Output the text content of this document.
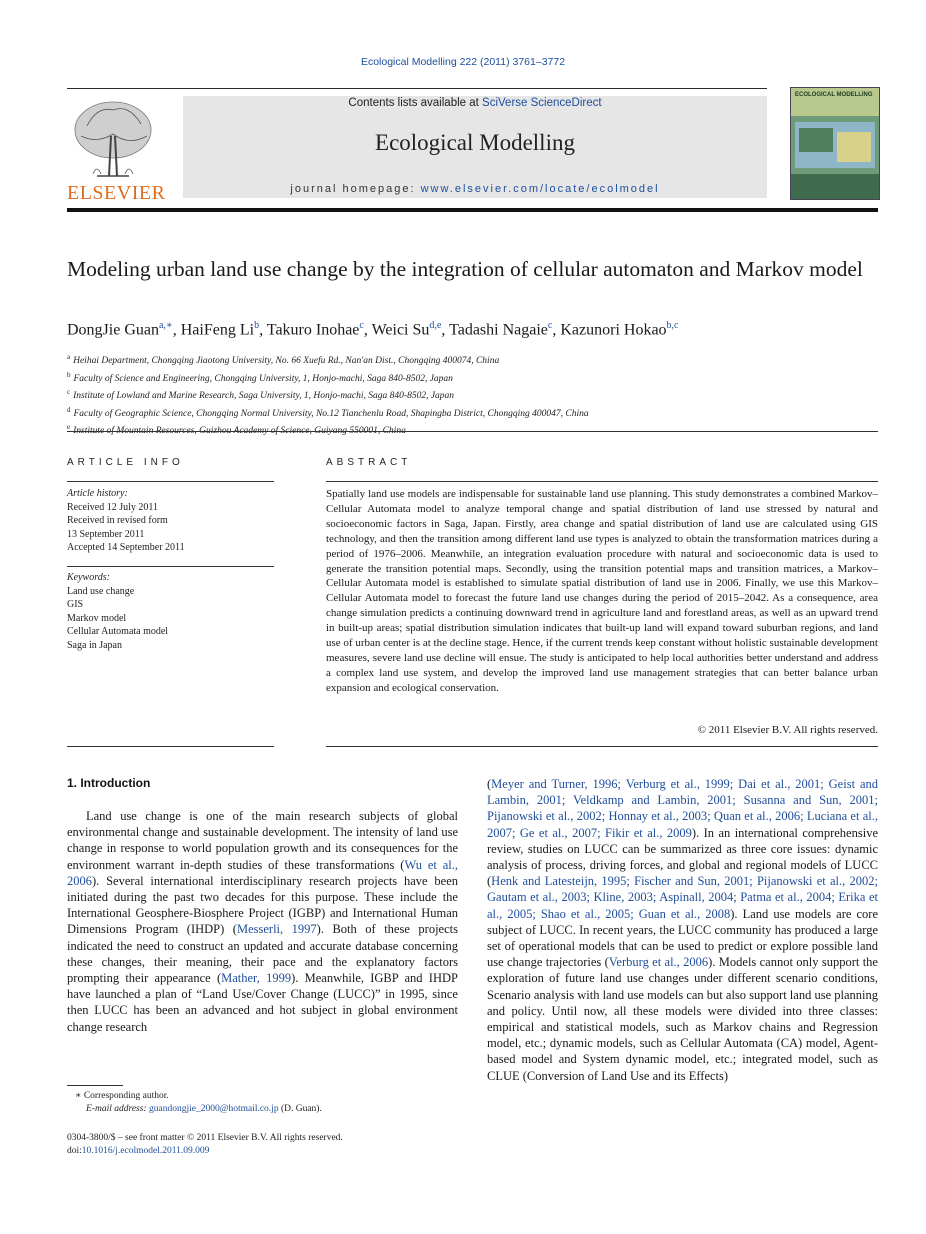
Ecological Modelling 222 (2011) 3761–3772
ELSEVIER
Contents lists available at SciVerse ScienceDirect
Ecological Modelling
journal homepage: www.elsevier.com/locate/ecolmodel
ECOLOGICAL MODELLING
Modeling urban land use change by the integration of cellular automaton and Markov model
DongJie Guan$^{a,∗}$, HaiFeng Li$^b$, Takuro Inohae$^c$, Weici Su$^{d,e}$, Tadashi Nagaie$^c$, Kazunori Hokao$^{b,c}$
$^a$ Heihai Department, Chongqing Jiaotong University, No. 66 Xuefu Rd., Nan'an Dist., Chongqing 400074, China
$^b$ Faculty of Science and Engineering, Chongqing University, 1, Honjo-machi, Saga 840-8502, Japan
$^c$ Institute of Lowland and Marine Research, Saga University, 1, Honjo-machi, Saga 840-8502, Japan
$^d$ Faculty of Geographic Science, Chongqing Normal University, No.12 Tianchenlu Road, Shapingba District, Chongqing 400047, China
$^e$
ARTICLE INFO	ABSTRACT
Article history:
Received 12 July 2011
Received in revised form
13 September 2011
Accepted 14 September 2011
Keywords:
Land use change
GIS
Markov model
Cellular Automata model
Saga in Japan
Spatially land use models are indispensable for sustainable land use planning. This study demonstrates a combined Markov–Cellular Automata model to analyze temporal change and spatial distribution of land use stressed by natural and socioeconomic factors in Saga, Japan. Firstly, area change and spatial distribution of land use are calculated using GIS technology, and then the transition among different land use types is analyzed to obtain the transformation matrices during a period of 1976–2006. Meanwhile, an integration evaluation procedure with natural and socioeconomic data is used to generate the transition potential maps. Secondly, using the transition potential maps and transition matrices, a Markov–Cellular Automata model is established to simulate spatial distribution of land use in 2006. Finally, we use this Markov–Cellular Automata model to forecast the future land use changes during the period of 2015–2042. As a consequence, area change simulation predicts a continuing downward trend in agriculture land and forestland areas, as well as an upward trend in built-up areas; spatial distribution simulation indicates that built-up land will expand toward suburban regions, and land use of urban center is at the decline stage. Hence, if the current trends keep constant without holistic sustainable development measures, severe land use decline will ensue. The study is anticipated to help local authorities better understand and address a complex land use system, and develop the improved land use management strategies that can better balance urban expansion and ecological conservation.
© 2011 Elsevier B.V. All rights reserved.
1. Introduction
Land use change is one of the main research subjects of global environmental change and sustainable development. The intensity of land use change in response to world population growth and its consequences for the environment warrant in-depth studies of these transformations (Wu et al., 2006). Several international interdisciplinary research projects have been initiated during the past two decades for this purpose. These include the International Geosphere-Biosphere Project (IGBP) and International Human Dimensions Program (IHDP) (Messerli, 1997). Both of these projects indicated the need to construct an updated and accurate database concerning these changes, their meaning, their pace and the explanatory factors prompting their appearance (Mather, 1999). Meanwhile, IGBP and IHDP have launched a plan of “Land Use/Cover Change (LUCC)” in 1995, since then LUCC has been an advanced and hot subject in global environment change research
(Meyer and Turner, 1996; Verburg et al., 1999; Dai et al., 2001; Geist and Lambin, 2001; Veldkamp and Lambin, 2001; Susanna and Sun, 2001; Pijanowski et al., 2002; Honnay et al., 2003; Quan et al., 2006; Luciana et al., 2007; Ge et al., 2007; Fikir et al., 2009). In an international comprehensive review, studies on LUCC can be summarized as three core issues: dynamic analysis of process, driving forces, and global and regional models of LUCC (Henk and Latesteijn, 1995; Fischer and Sun, 2001; Pijanowski et al., 2002; Gautam et al., 2003; Kline, 2003; Aspinall, 2004; Patma et al., 2004; Erika et al., 2005; Shao et al., 2005; Guan et al., 2008). Land use models are core subject of LUCC. In recent years, the LUCC community has produced a large set of operational models that can be used to predict or explore possible land use change trajectories (Verburg et al., 2006). Models cannot only support the exploration of future land use changes under different scenario conditions, Scenario analysis with land use models can but also support land use planning and policy. Until now, all these models were divided into three classes: empirical and statistical models, such as Markov chains and Regression model, etc.; dynamic models, such as Cellular Automata (CA) model, Agent-based model and System dynamic model, etc.; integrated model, such as CLUE (Conversion of Land Use and its Effects)
∗ Corresponding author.
E-mail address: guandongjie_2000@hotmail.co.jp (D. Guan).
0304-3800/$ – see front matter © 2011 Elsevier B.V. All rights reserved.
doi:10.1016/j.ecolmodel.2011.09.009
